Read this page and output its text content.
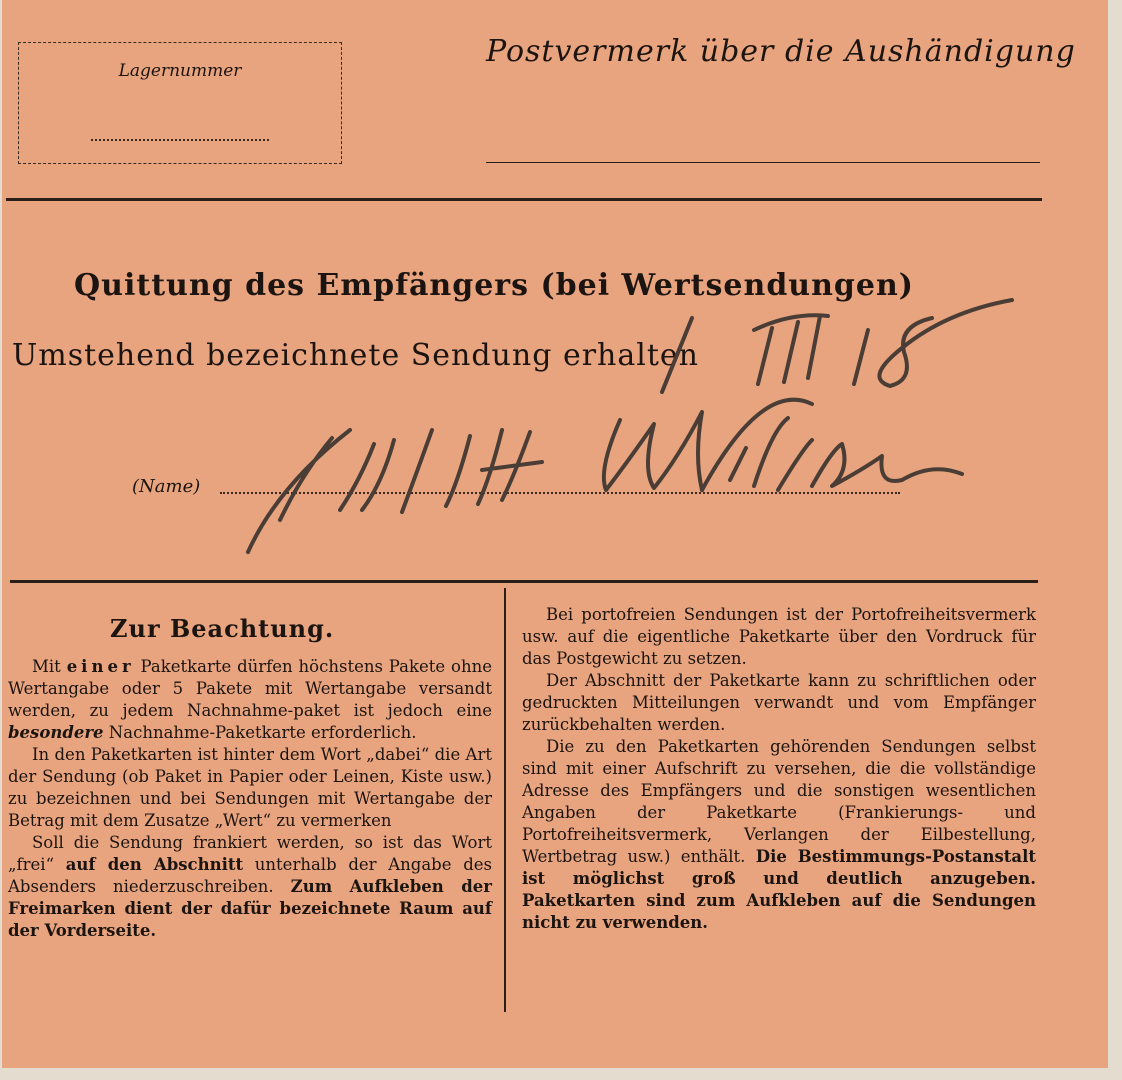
Lagernummer
Postvermerk über die Aushändigung
Quittung des Empfängers (bei Wertsendungen)
Umstehend bezeichnete Sendung erhalten
(Name)
Zur Beachtung.

Mit einer Paketkarte dürfen höchstens Pakete ohne Wertangabe oder 5 Pakete mit Wertangabe versandt werden, zu jedem Nachnahme-paket ist jedoch eine besondere Nachnahme-Paketkarte erforderlich.

In den Paketkarten ist hinter dem Wort „dabei“ die Art der Sendung (ob Paket in Papier oder Leinen, Kiste usw.) zu bezeichnen und bei Sendungen mit Wertangabe der Betrag mit dem Zusatze „Wert“ zu vermerken

Soll die Sendung frankiert werden, so ist das Wort „frei“ auf den Abschnitt unterhalb der Angabe des Absenders niederzuschreiben. Zum Aufkleben der Freimarken dient der dafür bezeichnete Raum auf der Vorderseite.

Bei portofreien Sendungen ist der Portofreiheitsvermerk usw. auf die eigentliche Paketkarte über den Vordruck für das Postgewicht zu setzen.

Der Abschnitt der Paketkarte kann zu schriftlichen oder gedruckten Mitteilungen verwandt und vom Empfänger zurückbehalten werden.

Die zu den Paketkarten gehörenden Sendungen selbst sind mit einer Aufschrift zu versehen, die die vollständige Adresse des Empfängers und die sonstigen wesentlichen Angaben der Paketkarte (Frankierungs- und Portofreiheitsvermerk, Verlangen der Eilbestellung, Wertbetrag usw.) enthält. Die Bestimmungs-Postanstalt ist möglichst groß und deutlich anzugeben. Paketkarten sind zum Aufkleben auf die Sendungen nicht zu verwenden.
